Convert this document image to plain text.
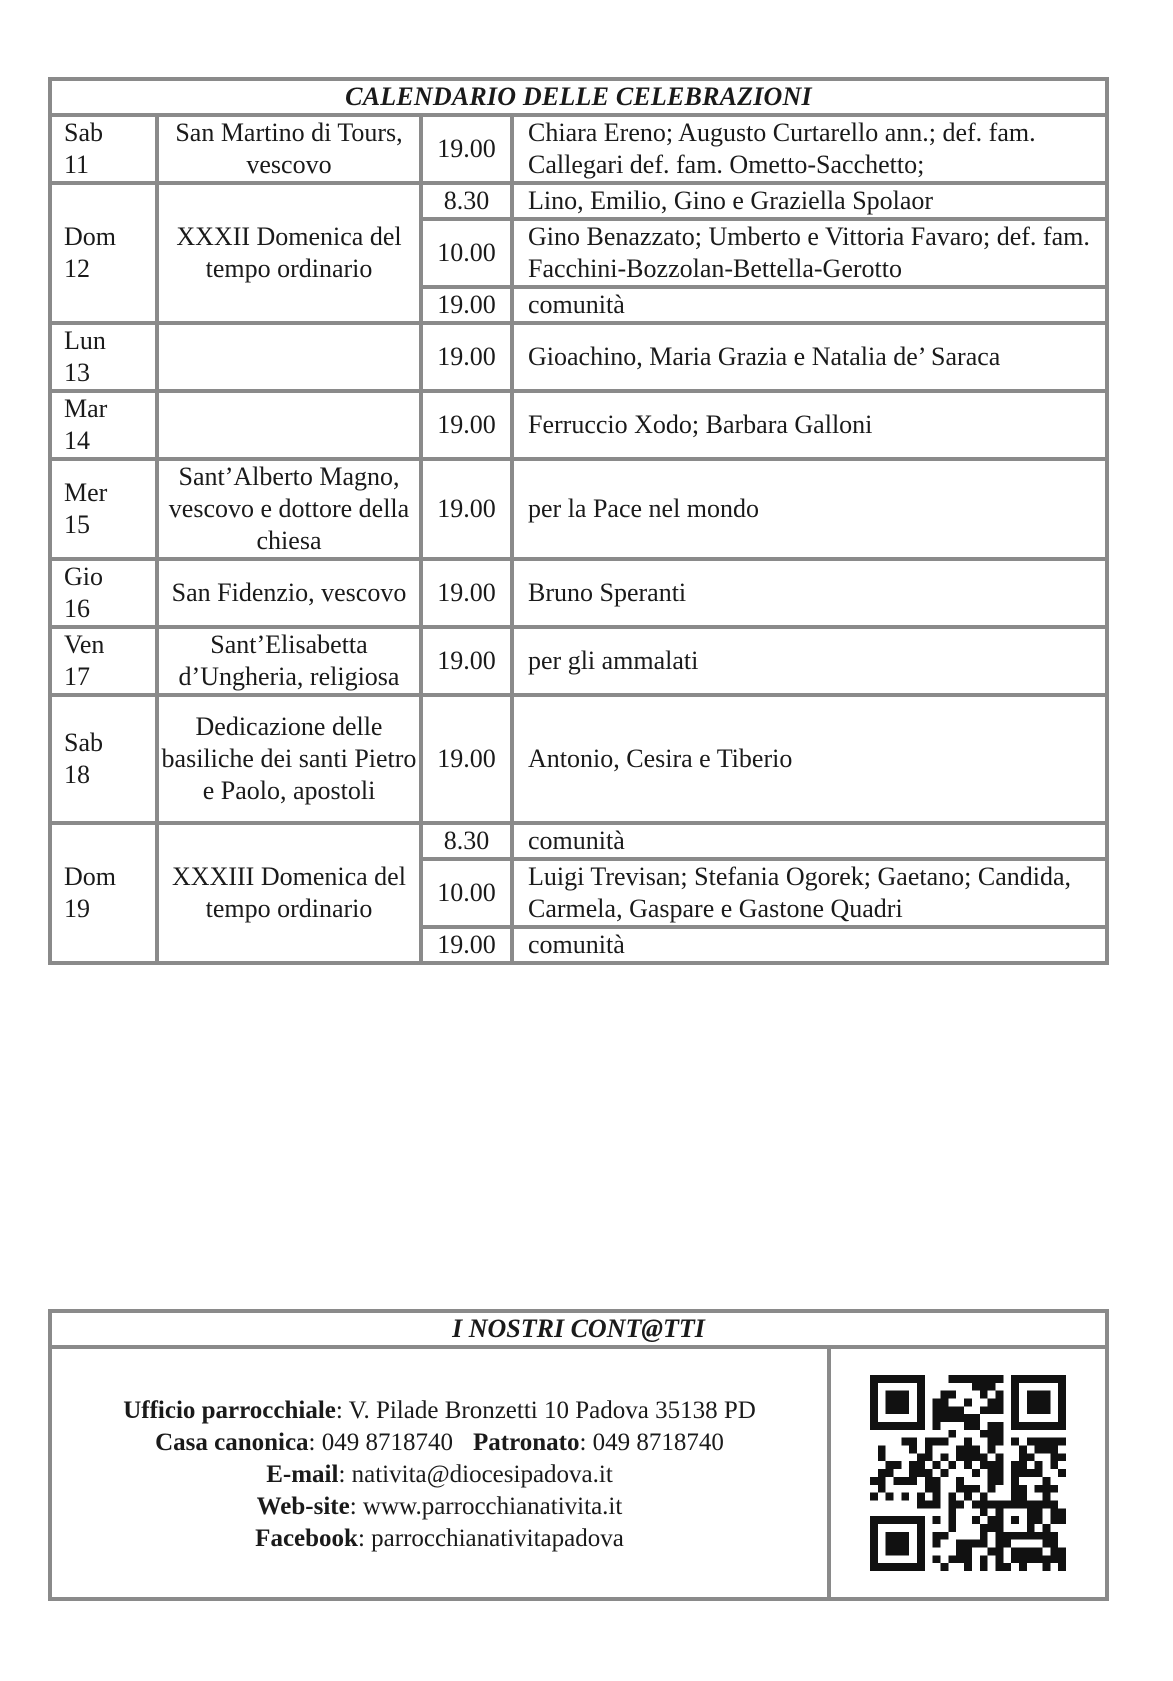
CALENDARIO DELLE CELEBRAZIONI			

Sab
11	San Martino di Tours, vescovo	19.00	Chiara Ereno; Augusto Curtarello ann.; def. fam. Callegari def. fam. Ometto-Sacchetto;

Dom
12	XXXII Domenica del tempo ordinario	8.30	Lino, Emilio, Gino e Graziella Spolaor
		10.00	Gino Benazzato; Umberto e Vittoria Favaro; def. fam. Facchini-Bozzolan-Bettella-Gerotto
		19.00	comunità

Lun
13		19.00	Gioachino, Maria Grazia e Natalia de’ Saraca

Mar
14		19.00	Ferruccio Xodo; Barbara Galloni

Mer
15	Sant’Alberto Magno, vescovo e dottore della chiesa	19.00	per la Pace nel mondo

Gio
16	San Fidenzio, vescovo	19.00	Bruno Speranti

Ven
17	Sant’Elisabetta d’Ungheria, religiosa	19.00	per gli ammalati

Sab
18	Dedicazione delle basiliche dei santi Pietro e Paolo, apostoli	19.00	Antonio, Cesira e Tiberio

Dom
19	XXXIII Domenica del tempo ordinario	8.30	comunità
		10.00	Luigi Trevisan; Stefania Ogorek; Gaetano; Candida, Carmela, Gaspare e Gastone Quadri
		19.00	comunità
I NOSTRI CONT@TTI

Ufficio parrocchiale: V. Pilade Bronzetti 10 Padova 35138 PD
Casa canonica: 049 8718740 Patronato: 049 8718740
E-mail: nativita@diocesipadova.it
Web-site: www.parrocchianativita.it
Facebook: parrocchianativitapadova
